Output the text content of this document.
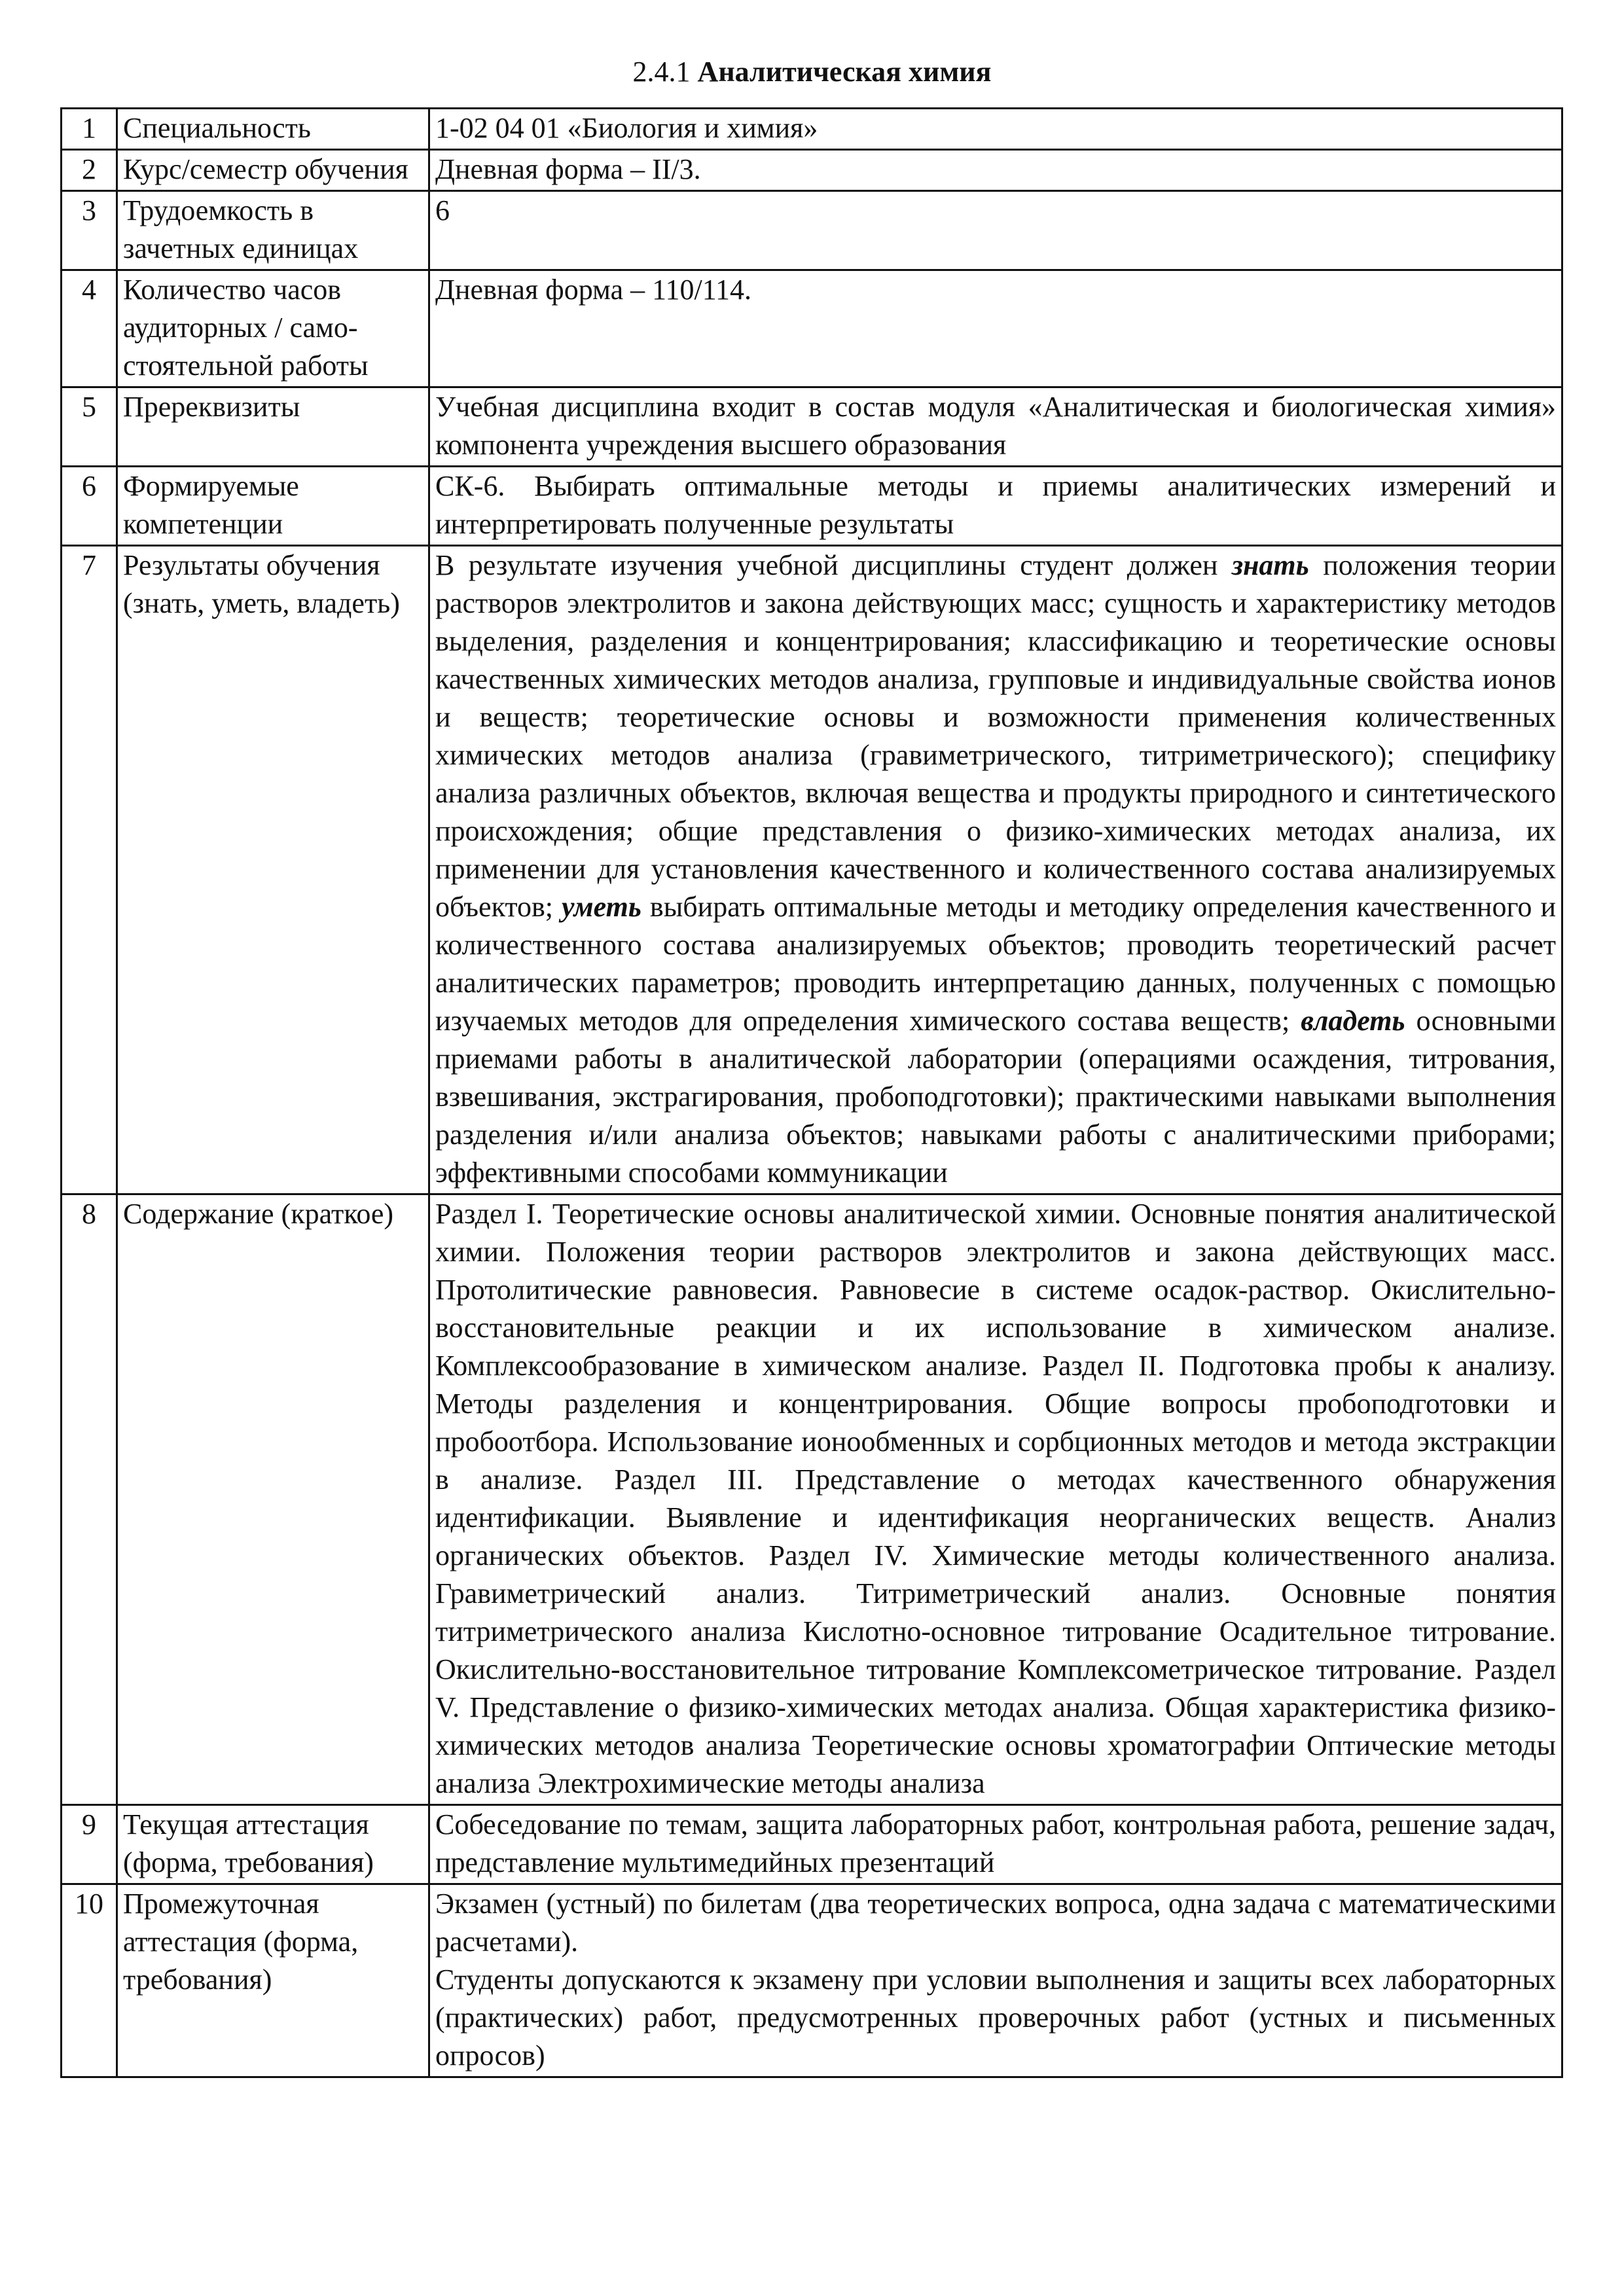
2.4.1 Аналитическая химия
1	Специальность	1-02 04 01 «Биология и химия»
2	Курс/семестр обучения	Дневная форма – II/3.
3	Трудоемкость в зачетных единицах	6
4	Количество часов аудиторных / само-стоятельной работы	Дневная форма – 110/114.
5	Пререквизиты	Учебная дисциплина входит в состав модуля «Аналитическая и биологическая химия» компонента учреждения высшего образования
6	Формируемые компетенции	СК-6. Выбирать оптимальные методы и приемы аналитических измерений и интерпретировать полученные результаты
7	Результаты обучения (знать, уметь, владеть)	В результате изучения учебной дисциплины студент должен знать положения теории растворов электролитов и закона действующих масс; сущность и характеристику методов выделения, разделения и концентрирования; классификацию и теоретические основы качественных химических методов анализа, групповые и индивидуальные свойства ионов и веществ; теоретические основы и возможности применения количественных химических методов анализа (гравиметрического, титриметрического); специфику анализа различных объектов, включая вещества и продукты природного и синтетического происхождения; общие представления о физико-химических методах анализа, их применении для установления качественного и количественного состава анализируемых объектов; уметь выбирать оптимальные методы и методику определения качественного и количественного состава анализируемых объектов; проводить теоретический расчет аналитических параметров; проводить интерпретацию данных, полученных с помощью изучаемых методов для определения химического состава веществ; владеть основными приемами работы в аналитической лаборатории (операциями осаждения, титрования, взвешивания, экстрагирования, пробоподготовки); практическими навыками выполнения разделения и/или анализа объектов; навыками работы с аналитическими приборами; эффективными способами коммуникации
8	Содержание (краткое)	Раздел I. Теоретические основы аналитической химии. Основные понятия аналитической химии. Положения теории растворов электролитов и закона действующих масс. Протолитические равновесия. Равновесие в системе осадок-раствор. Окислительно-восстановительные реакции и их использование в химическом анализе. Комплексообразование в химическом анализе. Раздел II. Подготовка пробы к анализу. Методы разделения и концентрирования. Общие вопросы пробоподготовки и пробоотбора. Использование ионообменных и сорбционных методов и метода экстракции в анализе. Раздел III. Представление о методах качественного обнаружения идентификации. Выявление и идентификация неорганических веществ. Анализ органических объектов. Раздел IV. Химические методы количественного анализа. Гравиметрический анализ. Титриметрический анализ. Основные понятия титриметрического анализа Кислотно-основное титрование Осадительное титрование. Окислительно-восстановительное титрование Комплексометрическое титрование. Раздел V. Представление о физико-химических методах анализа. Общая характеристика физико-химических методов анализа Теоретические основы хроматографии Оптические методы анализа Электрохимические методы анализа
9	Текущая аттестация (форма, требования)	Собеседование по темам, защита лабораторных работ, контрольная работа, решение задач, представление мультимедийных презентаций
10	Промежуточная аттестация (форма, требования)	Экзамен (устный) по билетам (два теоретических вопроса, одна задача с математическими расчетами).
Студенты допускаются к экзамену при условии выполнения и защиты всех лабораторных (практических) работ, предусмотренных проверочных работ (устных и письменных опросов)
